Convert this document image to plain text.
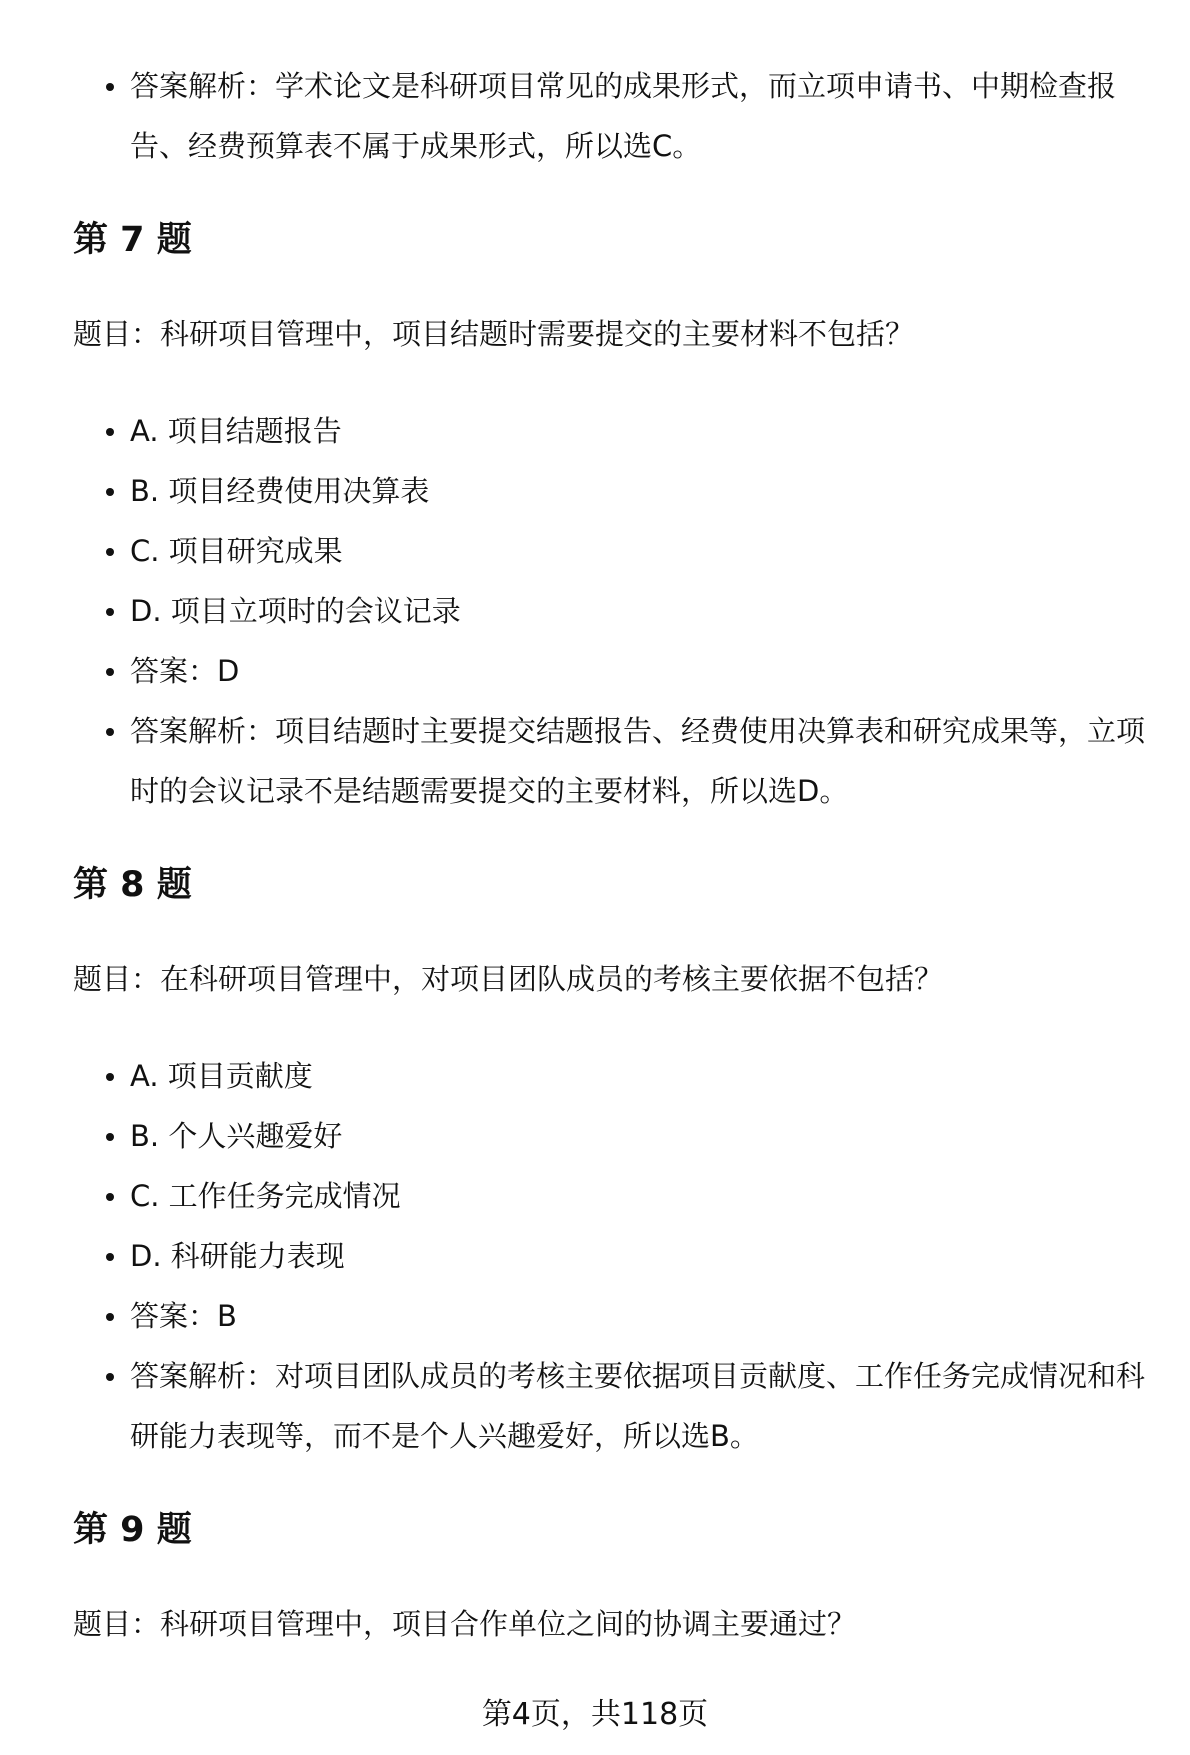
答案解析：学术论文是科研项目常见的成果形式，而立项申请书、中期检查报告、经费预算表不属于成果形式，所以选C。
第 7 题

题目：科研项目管理中，项目结题时需要提交的主要材料不包括？

A. 项目结题报告
B. 项目经费使用决算表
C. 项目研究成果
D. 项目立项时的会议记录
答案：D
答案解析：项目结题时主要提交结题报告、经费使用决算表和研究成果等，立项时的会议记录不是结题需要提交的主要材料，所以选D。
第 8 题

题目：在科研项目管理中，对项目团队成员的考核主要依据不包括？

A. 项目贡献度
B. 个人兴趣爱好
C. 工作任务完成情况
D. 科研能力表现
答案：B
答案解析：对项目团队成员的考核主要依据项目贡献度、工作任务完成情况和科研能力表现等，而不是个人兴趣爱好，所以选B。
第 9 题

题目：科研项目管理中，项目合作单位之间的协调主要通过？

第4页，共118页
